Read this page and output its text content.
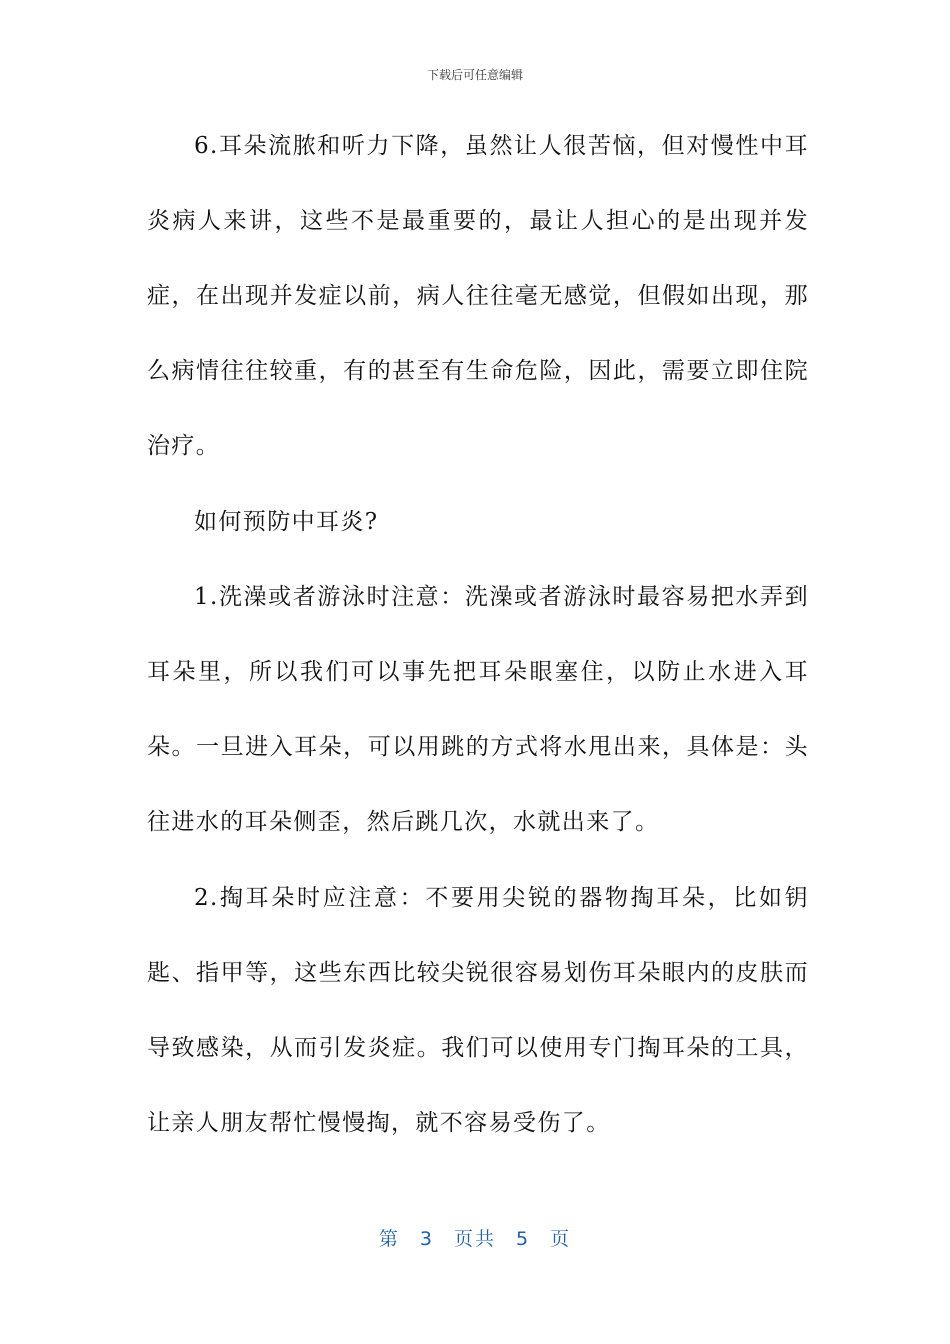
下载后可任意编辑

6.耳朵流脓和听力下降，虽然让人很苦恼，但对慢性中耳炎病人来讲，这些不是最重要的，最让人担心的是出现并发症，在出现并发症以前，病人往往毫无感觉，但假如出现，那么病情往往较重，有的甚至有生命危险，因此，需要立即住院治疗。

如何预防中耳炎?

1.洗澡或者游泳时注意：洗澡或者游泳时最容易把水弄到耳朵里，所以我们可以事先把耳朵眼塞住，以防止水进入耳朵。一旦进入耳朵，可以用跳的方式将水甩出来，具体是：头往进水的耳朵侧歪，然后跳几次，水就出来了。

2.掏耳朵时应注意：不要用尖锐的器物掏耳朵，比如钥匙、指甲等，这些东西比较尖锐很容易划伤耳朵眼内的皮肤而导致感染，从而引发炎症。我们可以使用专门掏耳朵的工具，让亲人朋友帮忙慢慢掏，就不容易受伤了。

第 3 页共 5 页
